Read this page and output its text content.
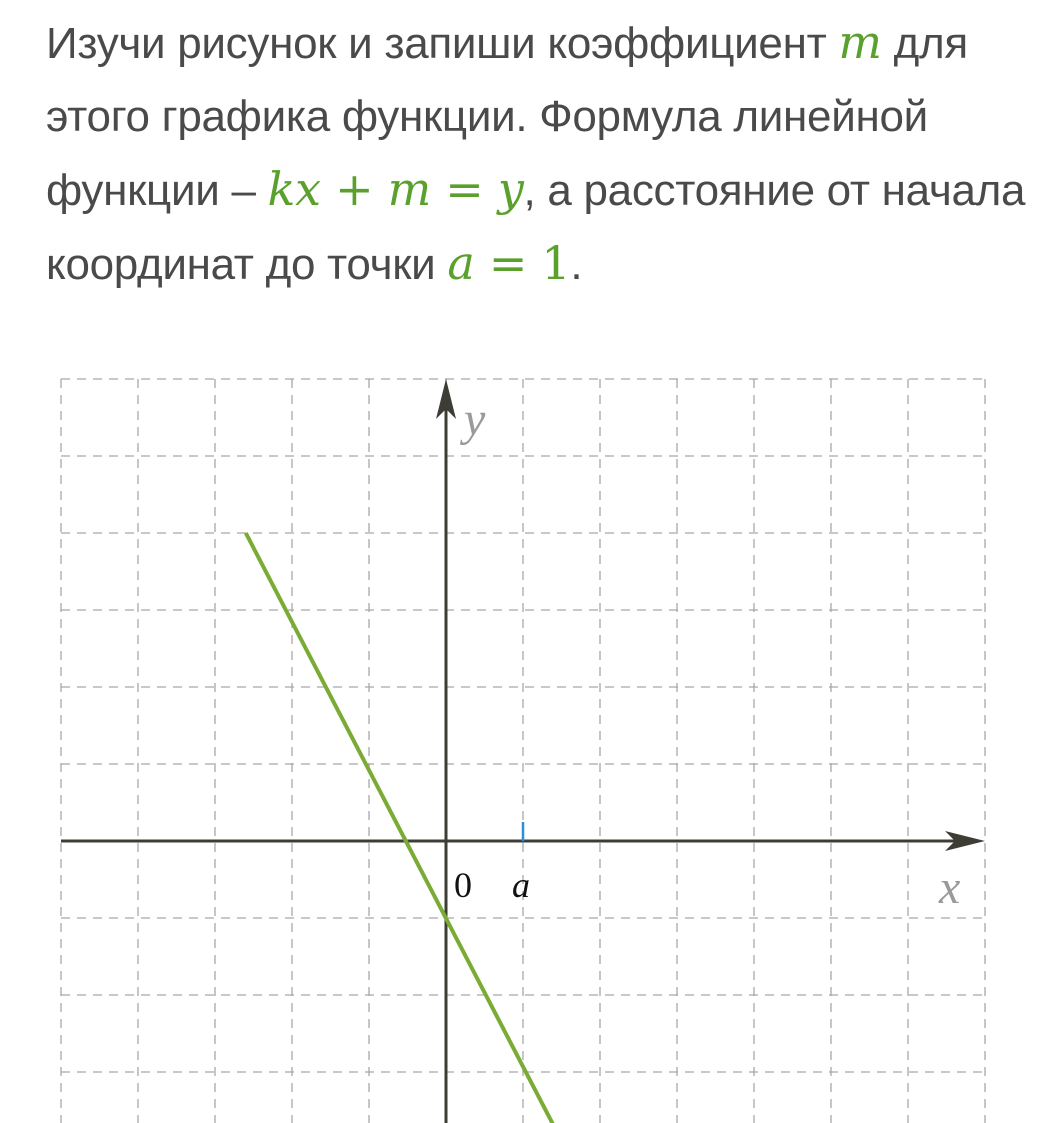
Изучи рисунок и запиши коэффициент m для этого графика функции. Формула линейной функции – kx + m = y, а расстояние от начала координат до точки a = 1.
y
x
0 a
